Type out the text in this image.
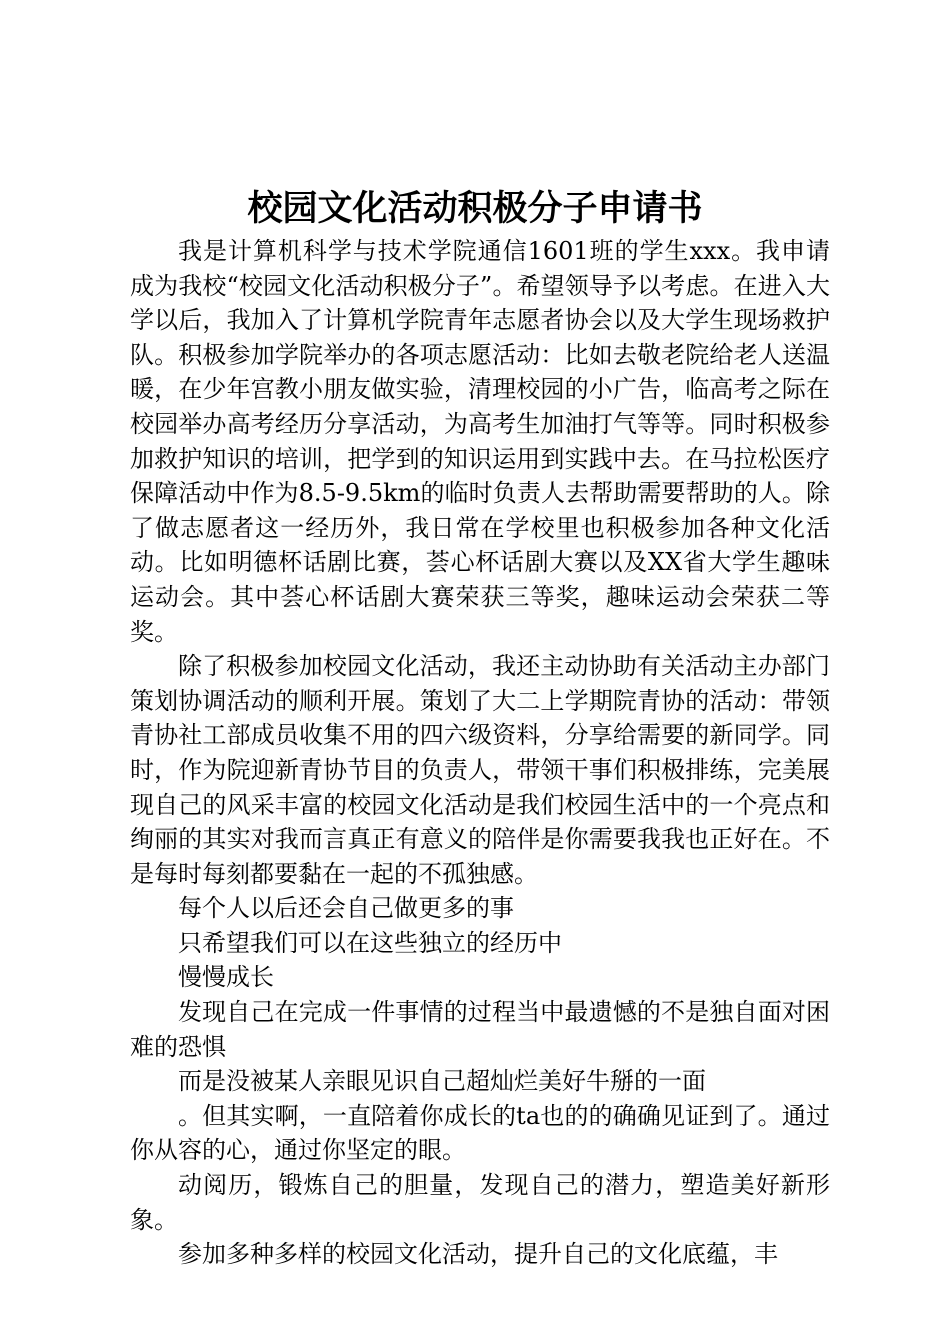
校园文化活动积极分子申请书

我是计算机科学与技术学院通信1601班的学生xxx。我申请成为我校“校园文化活动积极分子”。希望领导予以考虑。在进入大学以后，我加入了计算机学院青年志愿者协会以及大学生现场救护队。积极参加学院举办的各项志愿活动：比如去敬老院给老人送温暖，在少年宫教小朋友做实验，清理校园的小广告，临高考之际在校园举办高考经历分享活动，为高考生加油打气等等。同时积极参加救护知识的培训，把学到的知识运用到实践中去。在马拉松医疗保障活动中作为8.5-9.5km的临时负责人去帮助需要帮助的人。除了做志愿者这一经历外，我日常在学校里也积极参加各种文化活动。比如明德杯话剧比赛，荟心杯话剧大赛以及XX省大学生趣味运动会。其中荟心杯话剧大赛荣获三等奖，趣味运动会荣获二等奖。

除了积极参加校园文化活动，我还主动协助有关活动主办部门策划协调活动的顺利开展。策划了大二上学期院青协的活动：带领青协社工部成员收集不用的四六级资料，分享给需要的新同学。同时，作为院迎新青协节目的负责人，带领干事们积极排练，完美展现自己的风采丰富的校园文化活动是我们校园生活中的一个亮点和绚丽的其实对我而言真正有意义的陪伴是你需要我我也正好在。不是每时每刻都要黏在一起的不孤独感。

每个人以后还会自己做更多的事

只希望我们可以在这些独立的经历中

慢慢成长

发现自己在完成一件事情的过程当中最遗憾的不是独自面对困难的恐惧

而是没被某人亲眼见识自己超灿烂美好牛掰的一面

。但其实啊，一直陪着你成长的ta也的的确确见证到了。通过你从容的心，通过你坚定的眼。

动阅历，锻炼自己的胆量，发现自己的潜力，塑造美好新形象。

参加多种多样的校园文化活动，提升自己的文化底蕴，丰
